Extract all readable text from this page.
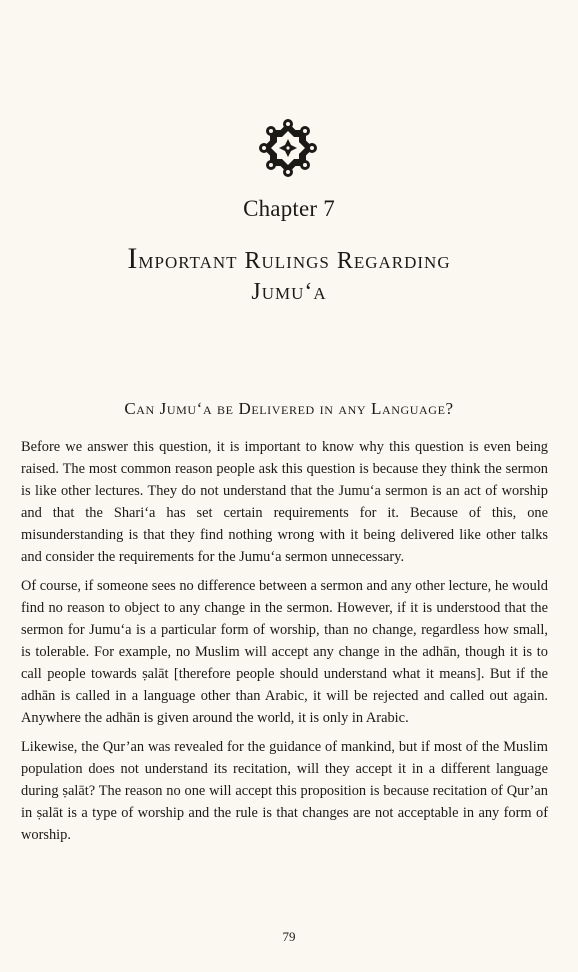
Chapter 7
Important Rulings Regarding
Jumu‘a
Can Jumu‘a be Delivered in any Language?

Before we answer this question, it is important to know why this question is even being raised. The most common reason people ask this question is because they think the sermon is like other lectures. They do not understand that the Jumu‘a sermon is an act of worship and that the Shari‘a has set certain requirements for it. Because of this, one misunderstanding is that they find nothing wrong with it being delivered like other talks and consider the requirements for the Jumu‘a sermon unnecessary.

Of course, if someone sees no difference between a sermon and any other lecture, he would find no reason to object to any change in the sermon. However, if it is understood that the sermon for Jumu‘a is a particular form of worship, than no change, regardless how small, is tolerable. For example, no Muslim will accept any change in the adhān, though it is to call people towards ṣalāt [therefore people should understand what it means]. But if the adhān is called in a language other than Arabic, it will be rejected and called out again. Anywhere the adhān is given around the world, it is only in Arabic.

Likewise, the Qur’an was revealed for the guidance of mankind, but if most of the Muslim population does not understand its recitation, will they accept it in a different language during ṣalāt? The reason no one will accept this proposition is because recitation of Qur’an in ṣalāt is a type of worship and the rule is that changes are not acceptable in any form of worship.

79
